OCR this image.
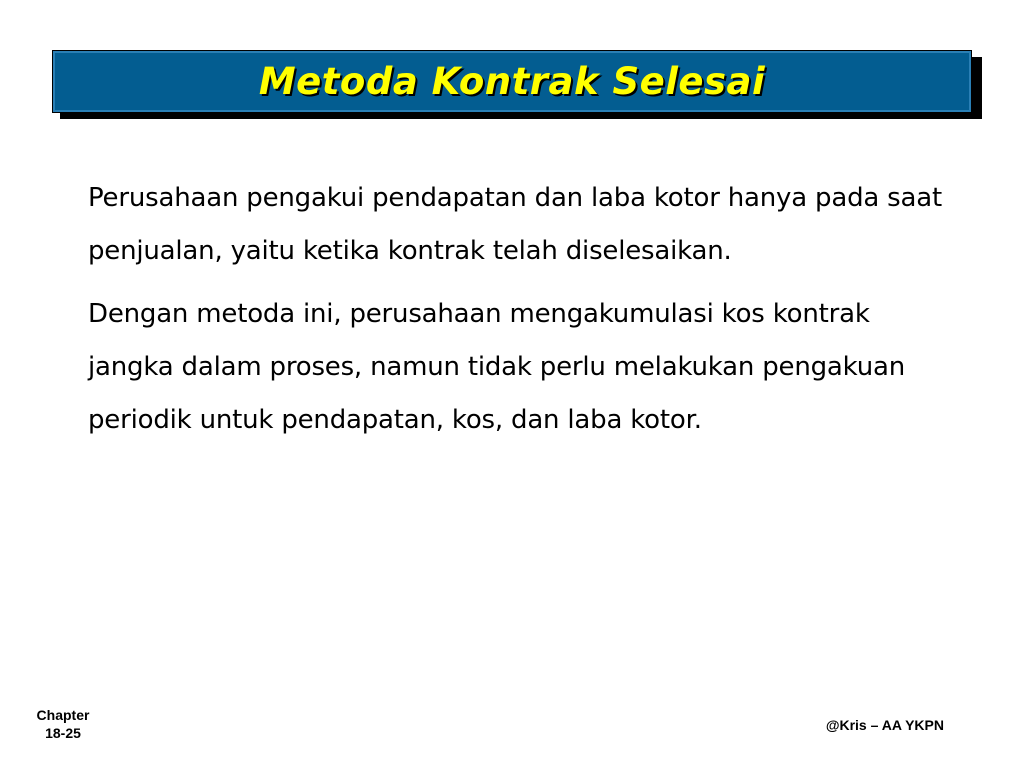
Metoda Kontrak Selesai

Perusahaan pengakui pendapatan dan laba kotor hanya pada saat penjualan, yaitu ketika kontrak telah diselesaikan.

Dengan metoda ini, perusahaan mengakumulasi kos kontrak jangka dalam proses, namun tidak perlu melakukan pengakuan periodik untuk pendapatan, kos, dan laba kotor.

Chapter
18-25	@Kris – AA YKPN
